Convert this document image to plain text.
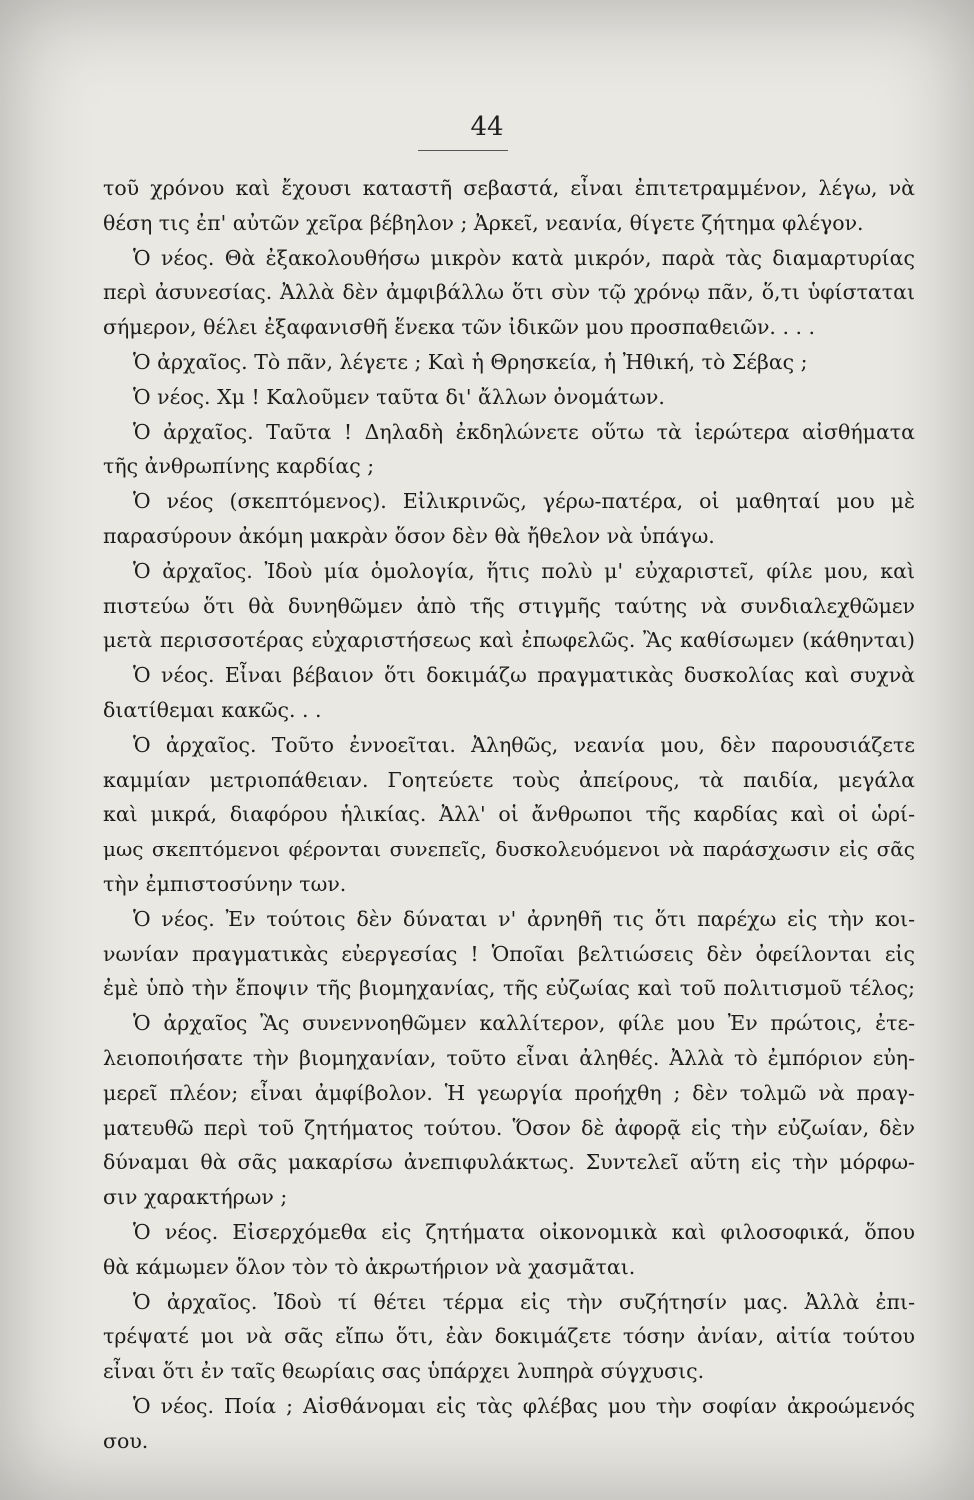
44
τοῦ χρόνου καὶ ἔχουσι καταστῆ σεβαστά, εἶναι ἐπιτετραμμένον, λέγω, νὰ
θέση τις ἐπ' αὐτῶν χεῖρα βέβηλον ; Ἀρκεῖ, νεανία, θίγετε ζήτημα φλέγον.
Ὁ νέος. Θὰ ἐξακολουθήσω μικρὸν κατὰ μικρόν, παρὰ τὰς διαμαρτυρίας
περὶ ἀσυνεσίας. Ἀλλὰ δὲν ἀμφιβάλλω ὅτι σὺν τῷ χρόνῳ πᾶν, ὅ,τι ὑφίσταται
σήμερον, θέλει ἐξαφανισθῆ ἕνεκα τῶν ἰδικῶν μου προσπαθειῶν. . . .
Ὁ ἀρχαῖος. Τὸ πᾶν, λέγετε ; Καὶ ἡ Θρησκεία, ἡ Ἠθική, τὸ Σέβας ;
Ὁ νέος. Χμ ! Καλοῦμεν ταῦτα δι' ἄλλων ὀνομάτων.
Ὁ ἀρχαῖος. Ταῦτα ! Δηλαδὴ ἐκδηλώνετε οὕτω τὰ ἱερώτερα αἰσθήματα
τῆς ἀνθρωπίνης καρδίας ;
Ὁ νέος (σκεπτόμενος). Εἰλικρινῶς, γέρω-πατέρα, οἱ μαθηταί μου μὲ
παρασύρουν ἀκόμη μακρὰν ὅσον δὲν θὰ ἤθελον νὰ ὑπάγω.
Ὁ ἀρχαῖος. Ἰδοὺ μία ὁμολογία, ἥτις πολὺ μ' εὐχαριστεῖ, φίλε μου, καὶ
πιστεύω ὅτι θὰ δυνηθῶμεν ἀπὸ τῆς στιγμῆς ταύτης νὰ συνδιαλεχθῶμεν
μετὰ περισσοτέρας εὐχαριστήσεως καὶ ἐπωφελῶς. Ἂς καθίσωμεν (κάθηνται)
Ὁ νέος. Εἶναι βέβαιον ὅτι δοκιμάζω πραγματικὰς δυσκολίας καὶ συχνὰ
διατίθεμαι κακῶς. . .
Ὁ ἀρχαῖος. Τοῦτο ἐννοεῖται. Ἀληθῶς, νεανία μου, δὲν παρουσιάζετε
καμμίαν μετριοπάθειαν. Γοητεύετε τοὺς ἀπείρους, τὰ παιδία, μεγάλα
καὶ μικρά, διαφόρου ἡλικίας. Ἀλλ' οἱ ἄνθρωποι τῆς καρδίας καὶ οἱ ὡρί-
μως σκεπτόμενοι φέρονται συνεπεῖς, δυσκολευόμενοι νὰ παράσχωσιν εἰς σᾶς
τὴν ἐμπιστοσύνην των.
Ὁ νέος. Ἐν τούτοις δὲν δύναται ν' ἀρνηθῆ τις ὅτι παρέχω εἰς τὴν κοι-
νωνίαν πραγματικὰς εὐεργεσίας ! Ὁποῖαι βελτιώσεις δὲν ὀφείλονται εἰς
ἐμὲ ὑπὸ τὴν ἔποψιν τῆς βιομηχανίας, τῆς εὐζωίας καὶ τοῦ πολιτισμοῦ τέλος;
Ὁ ἀρχαῖος Ἂς συνεννοηθῶμεν καλλίτερον, φίλε μου Ἐν πρώτοις, ἐτε-
λειοποιήσατε τὴν βιομηχανίαν, τοῦτο εἶναι ἀληθές. Ἀλλὰ τὸ ἐμπόριον εὐη-
μερεῖ πλέον; εἶναι ἀμφίβολον. Ἡ γεωργία προήχθη ; δὲν τολμῶ νὰ πραγ-
ματευθῶ περὶ τοῦ ζητήματος τούτου. Ὅσον δὲ ἀφορᾷ εἰς τὴν εὐζωίαν, δὲν
δύναμαι θὰ σᾶς μακαρίσω ἀνεπιφυλάκτως. Συντελεῖ αὕτη εἰς τὴν μόρφω-
σιν χαρακτήρων ;
Ὁ νέος. Εἰσερχόμεθα εἰς ζητήματα οἰκονομικὰ καὶ φιλοσοφικά, ὅπου
θὰ κάμωμεν ὅλον τὸν τὸ ἀκρωτήριον νὰ χασμᾶται.
Ὁ ἀρχαῖος. Ἰδοὺ τί θέτει τέρμα εἰς τὴν συζήτησίν μας. Ἀλλὰ ἐπι-
τρέψατέ μοι νὰ σᾶς εἴπω ὅτι, ἐὰν δοκιμάζετε τόσην ἀνίαν, αἰτία τούτου
εἶναι ὅτι ἐν ταῖς θεωρίαις σας ὑπάρχει λυπηρὰ σύγχυσις.
Ὁ νέος. Ποία ; Αἰσθάνομαι εἰς τὰς φλέβας μου τὴν σοφίαν ἀκροώμενός
σου.
